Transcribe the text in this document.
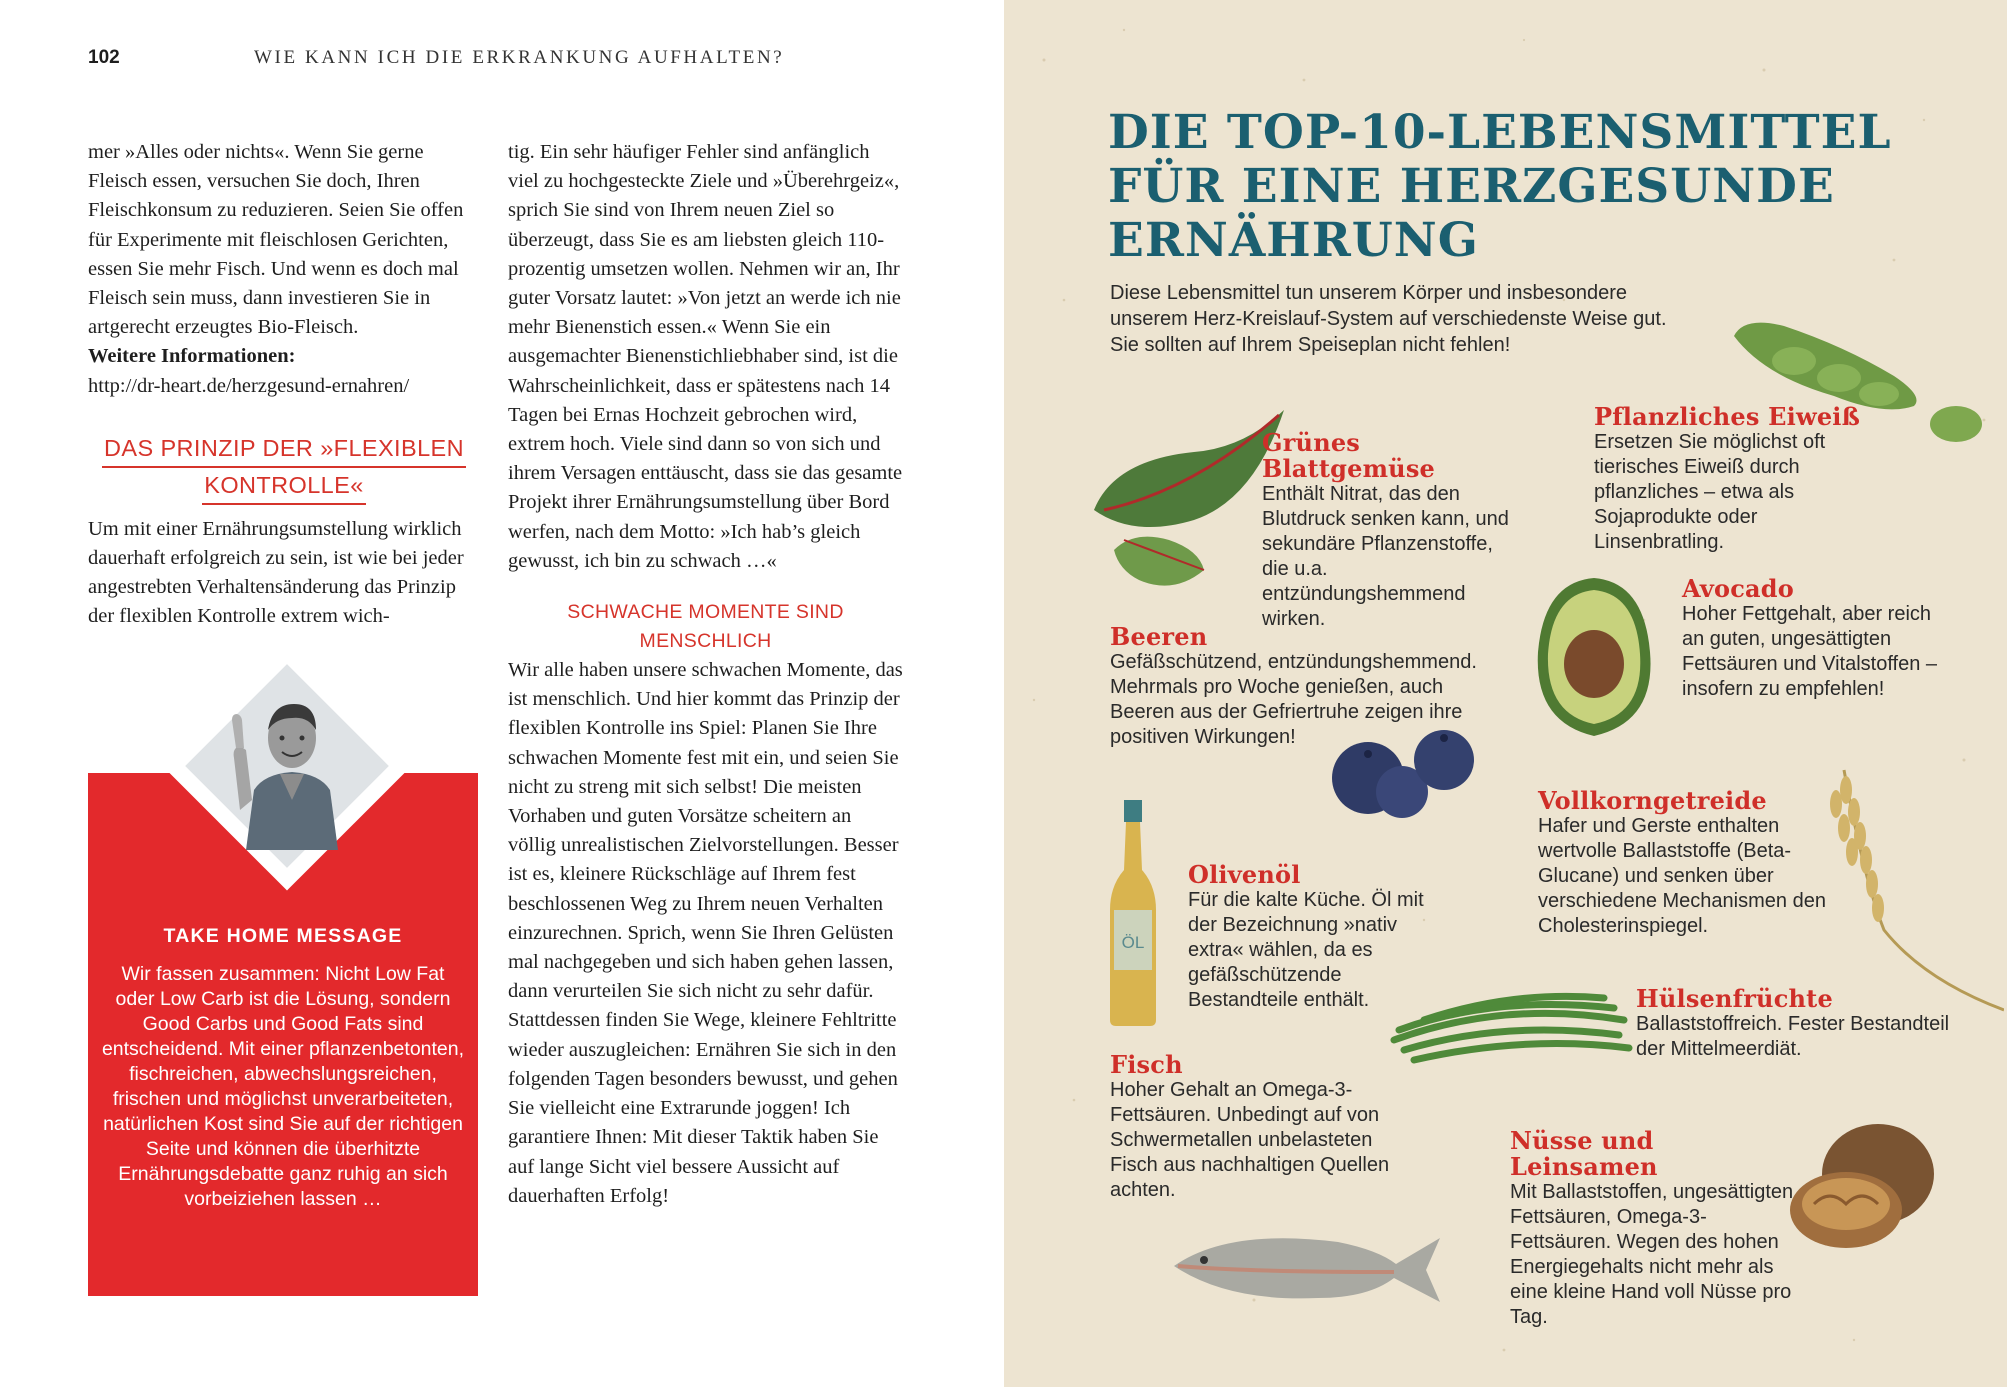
102	WIE KANN ICH DIE ERKRANKUNG AUFHALTEN?

mer »Alles oder nichts«. Wenn Sie gerne Fleisch essen, versuchen Sie doch, Ihren Fleischkonsum zu reduzieren. Seien Sie offen für Experimente mit fleischlosen Gerichten, essen Sie mehr Fisch. Und wenn es doch mal Fleisch sein muss, dann investieren Sie in artgerecht erzeugtes Bio-Fleisch.

Weitere Informationen:
http://dr-heart.de/herzgesund-ernahren/
DAS PRINZIP DER »FLEXIBLEN
KONTROLLE«

Um mit einer Ernährungsumstellung wirklich dauerhaft erfolgreich zu sein, ist wie bei jeder angestrebten Verhaltensänderung das Prinzip der flexiblen Kontrolle extrem wich-

tig. Ein sehr häufiger Fehler sind anfänglich viel zu hochgesteckte Ziele und »Überehrgeiz«, sprich Sie sind von Ihrem neuen Ziel so überzeugt, dass Sie es am liebsten gleich 110-prozentig umsetzen wollen. Nehmen wir an, Ihr guter Vorsatz lautet: »Von jetzt an werde ich nie mehr Bienenstich essen.« Wenn Sie ein ausgemachter Bienenstichliebhaber sind, ist die Wahrscheinlichkeit, dass er spätestens nach 14 Tagen bei Ernas Hochzeit gebrochen wird, extrem hoch. Viele sind dann so von sich und ihrem Versagen enttäuscht, dass sie das gesamte Projekt ihrer Ernährungsumstellung über Bord werfen, nach dem Motto: »Ich hab’s gleich gewusst, ich bin zu schwach …«

SCHWACHE MOMENTE SIND
MENSCHLICH

Wir alle haben unsere schwachen Momente, das ist menschlich. Und hier kommt das Prinzip der flexiblen Kontrolle ins Spiel: Planen Sie Ihre schwachen Momente fest mit ein, und seien Sie nicht zu streng mit sich selbst! Die meisten Vorhaben und guten Vorsätze scheitern an völlig unrealistischen Zielvorstellungen. Besser ist es, kleinere Rückschläge auf Ihrem fest beschlossenen Weg zu Ihrem neuen Verhalten einzurechnen. Sprich, wenn Sie Ihren Gelüsten mal nachgegeben und sich haben gehen lassen, dann verurteilen Sie sich nicht zu sehr dafür. Stattdessen finden Sie Wege, kleinere Fehltritte wieder auszugleichen: Ernähren Sie sich in den folgenden Tagen besonders bewusst, und gehen Sie vielleicht eine Extrarunde joggen! Ich garantiere Ihnen: Mit dieser Taktik haben Sie auf lange Sicht viel bessere Aussicht auf dauerhaften Erfolg!

TAKE HOME MESSAGE
Wir fassen zusammen: Nicht Low Fat oder Low Carb ist die Lösung, sondern Good Carbs und Good Fats sind entscheidend. Mit einer pflanzenbetonten, fischreichen, abwechslungsreichen, frischen und möglichst unverarbeiteten, natürlichen Kost sind Sie auf der richtigen Seite und können die überhitzte Ernährungsdebatte ganz ruhig an sich vorbeiziehen lassen …
DIE TOP-10-LEBENSMITTEL
FÜR EINE HERZGESUNDE
ERNÄHRUNG
Diese Lebensmittel tun unserem Körper und insbesondere unserem Herz-Kreislauf-System auf verschiedenste Weise gut. Sie sollten auf Ihrem Speiseplan nicht fehlen!
ÖL
Grünes Blattgemüse
Enthält Nitrat, das den Blutdruck senken kann, und sekundäre Pflanzenstoffe, die u.a. entzündungshemmend wirken.
Pflanzliches Eiweiß
Ersetzen Sie möglichst oft tierisches Eiweiß durch pflanzliches – etwa als Sojaprodukte oder Linsenbratling.
Beeren
Gefäßschützend, entzündungshemmend. Mehrmals pro Woche genießen, auch Beeren aus der Gefriertruhe zeigen ihre positiven Wirkungen!
Avocado
Hoher Fettgehalt, aber reich an guten, ungesättigten Fettsäuren und Vitalstoffen – insofern zu empfehlen!
Vollkorngetreide
Hafer und Gerste enthalten wertvolle Ballaststoffe (Beta-Glucane) und senken über verschiedene Mechanismen den Cholesterinspiegel.
Olivenöl
Für die kalte Küche. Öl mit der Bezeichnung »nativ extra« wählen, da es gefäßschützende Bestandteile enthält.	Hülsenfrüchte
Ballaststoffreich. Fester Bestandteil der Mittelmeerdiät.
Fisch
Hoher Gehalt an Omega-3-Fettsäuren. Unbedingt auf von Schwermetallen unbelasteten Fisch aus nachhaltigen Quellen achten.
Nüsse und Leinsamen
Mit Ballaststoffen, ungesättigten Fettsäuren, Omega-3-Fettsäuren. Wegen des hohen Energiegehalts nicht mehr als eine kleine Hand voll Nüsse pro Tag.
